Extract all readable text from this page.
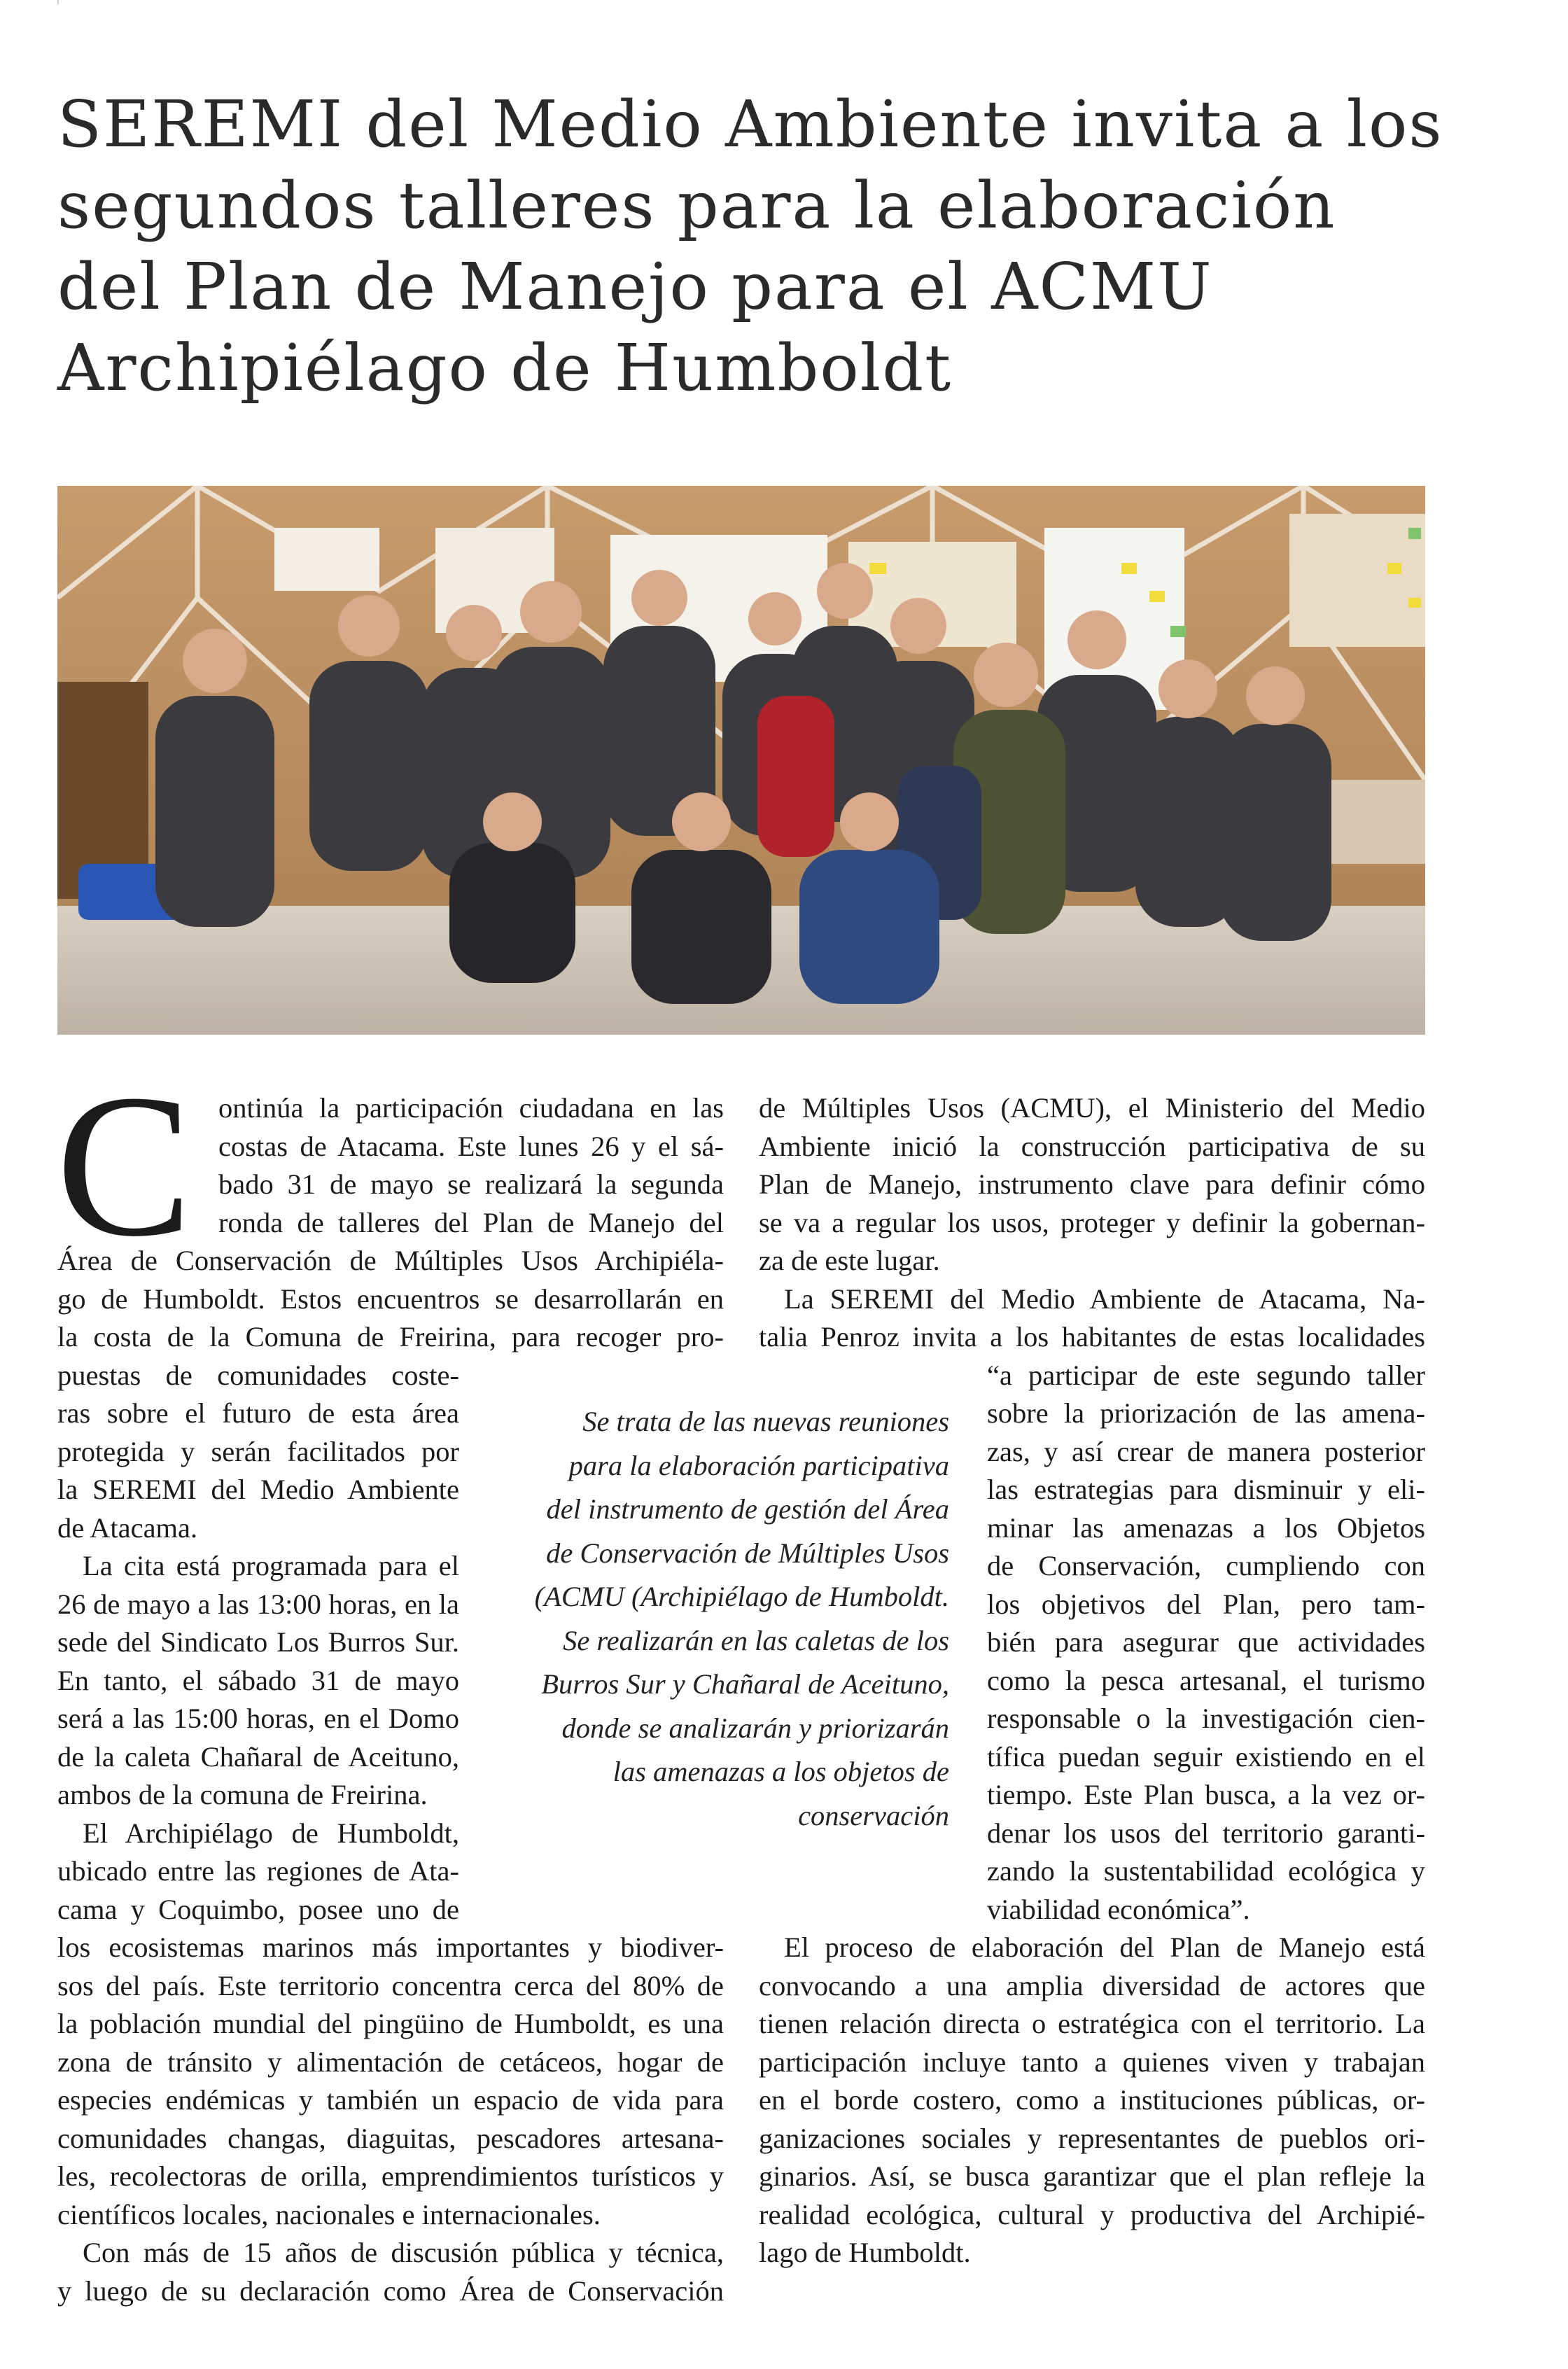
SEREMI del Medio Ambiente invita a los
segundos talleres para la elaboración
del Plan de Manejo para el ACMU
Archipiélago de Humboldt
C ontinúa la participación ciudadana en las
costas de Atacama. Este lunes 26 y el sá-
bado 31 de mayo se realizará la segunda
ronda de talleres del Plan de Manejo del
Área de Conservación de Múltiples Usos Archipiéla-
go de Humboldt. Estos encuentros se desarrollarán en
la costa de la Comuna de Freirina, para recoger pro-
puestas de comunidades coste-
ras sobre el futuro de esta área
protegida y serán facilitados por
la SEREMI del Medio Ambiente
de Atacama.
La cita está programada para el
26 de mayo a las 13:00 horas, en la
sede del Sindicato Los Burros Sur.
En tanto, el sábado 31 de mayo
será a las 15:00 horas, en el Domo
de la caleta Chañaral de Aceituno,
ambos de la comuna de Freirina.
El Archipiélago de Humboldt,
ubicado entre las regiones de Ata-
cama y Coquimbo, posee uno de
los ecosistemas marinos más importantes y biodiver-
sos del país. Este territorio concentra cerca del 80% de
la población mundial del pingüino de Humboldt, es una
zona de tránsito y alimentación de cetáceos, hogar de
especies endémicas y también un espacio de vida para
comunidades changas, diaguitas, pescadores artesana-
les, recolectoras de orilla, emprendimientos turísticos y
científicos locales, nacionales e internacionales.
Con más de 15 años de discusión pública y técnica,
y luego de su declaración como Área de Conservación
Se trata de las nuevas reuniones
para la elaboración participativa
del instrumento de gestión del Área
de Conservación de Múltiples Usos
(ACMU (Archipiélago de Humboldt.
Se realizarán en las caletas de los
Burros Sur y Chañaral de Aceituno,
donde se analizarán y priorizarán
las amenazas a los objetos de
conservación
de Múltiples Usos (ACMU), el Ministerio del Medio
Ambiente inició la construcción participativa de su
Plan de Manejo, instrumento clave para definir cómo
se va a regular los usos, proteger y definir la gobernan-
za de este lugar.
La SEREMI del Medio Ambiente de Atacama, Na-
talia Penroz invita a los habitantes de estas localidades
“a participar de este segundo taller
sobre la priorización de las amena-
zas, y así crear de manera posterior
las estrategias para disminuir y eli-
minar las amenazas a los Objetos
de Conservación, cumpliendo con
los objetivos del Plan, pero tam-
bién para asegurar que actividades
como la pesca artesanal, el turismo
responsable o la investigación cien-
tífica puedan seguir existiendo en el
tiempo. Este Plan busca, a la vez or-
denar los usos del territorio garanti-
zando la sustentabilidad ecológica y
viabilidad económica”.
El proceso de elaboración del Plan de Manejo está
convocando a una amplia diversidad de actores que
tienen relación directa o estratégica con el territorio. La
participación incluye tanto a quienes viven y trabajan
en el borde costero, como a instituciones públicas, or-
ganizaciones sociales y representantes de pueblos ori-
ginarios. Así, se busca garantizar que el plan refleje la
realidad ecológica, cultural y productiva del Archipié-
lago de Humboldt.
